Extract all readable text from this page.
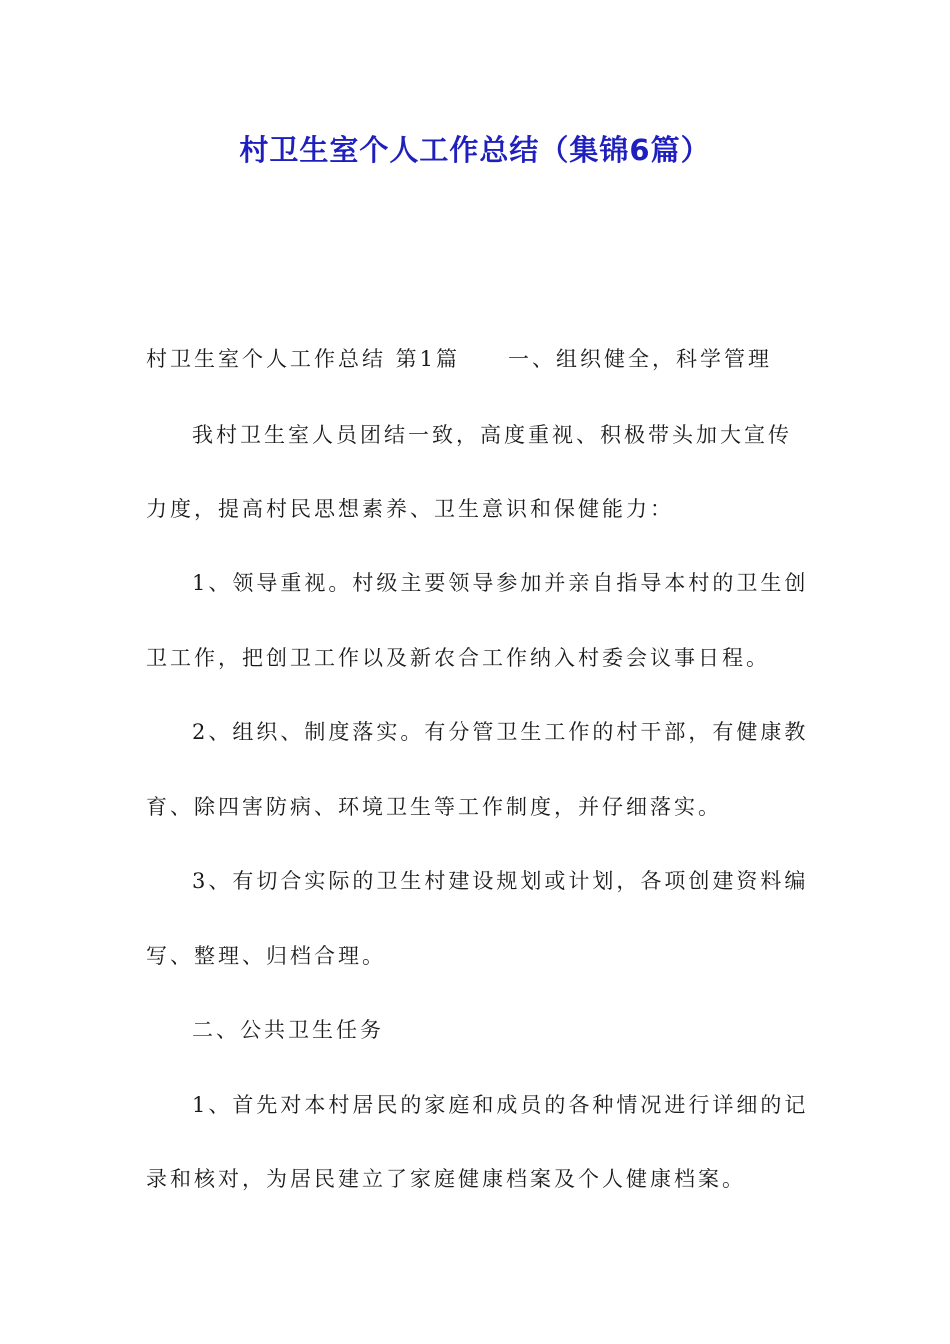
村卫生室个人工作总结（集锦6篇）

村卫生室个人工作总结 第1篇 一、组织健全，科学管理

我村卫生室人员团结一致，高度重视、积极带头加大宣传

力度，提高村民思想素养、卫生意识和保健能力：

1、领导重视。村级主要领导参加并亲自指导本村的卫生创

卫工作，把创卫工作以及新农合工作纳入村委会议事日程。

2、组织、制度落实。有分管卫生工作的村干部，有健康教

育、除四害防病、环境卫生等工作制度，并仔细落实。

3、有切合实际的卫生村建设规划或计划，各项创建资料编

写、整理、归档合理。

二、公共卫生任务

1、首先对本村居民的家庭和成员的各种情况进行详细的记

录和核对，为居民建立了家庭健康档案及个人健康档案。
